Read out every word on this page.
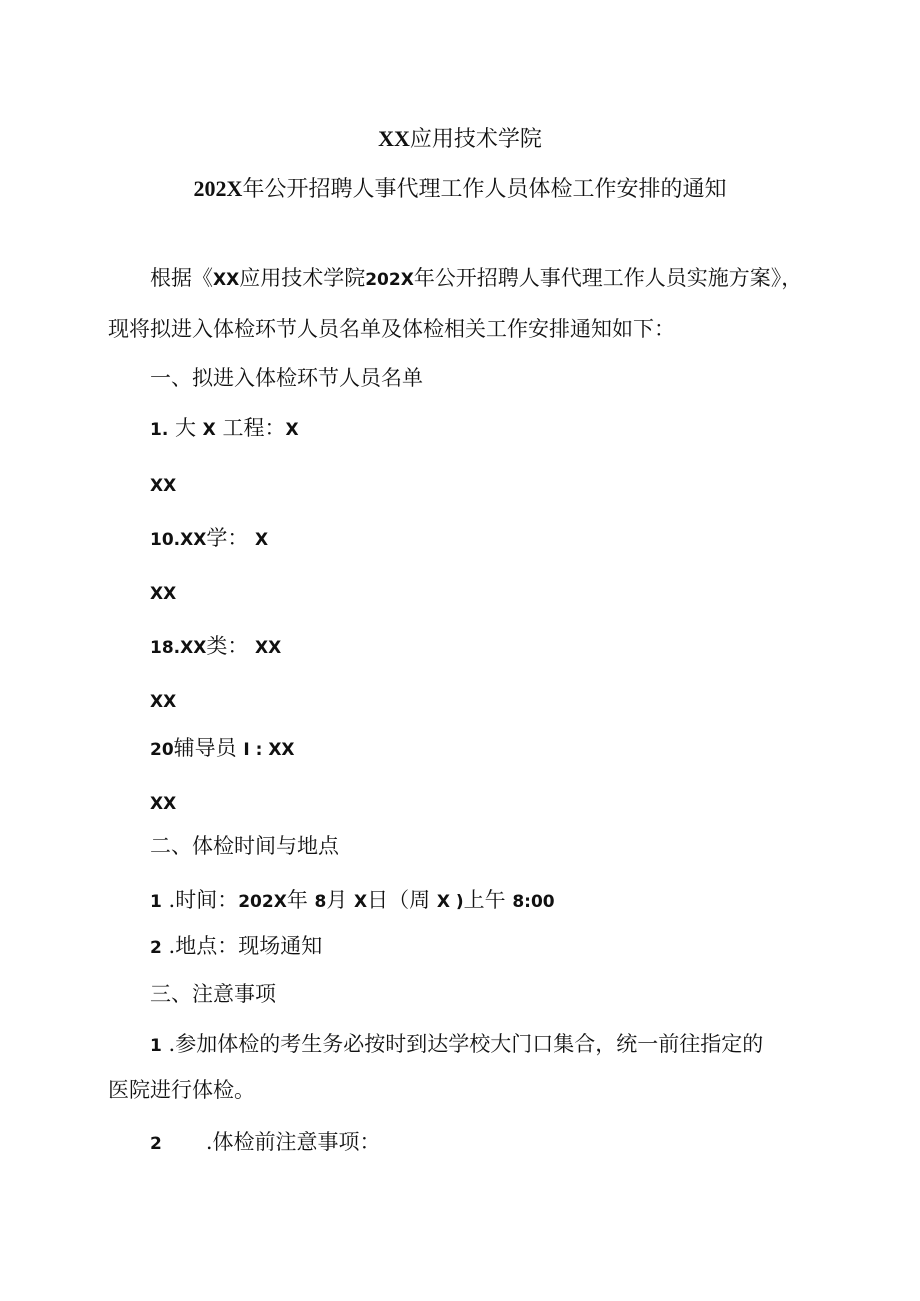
XX应用技术学院
202X年公开招聘人事代理工作人员体检工作安排的通知
根据《XX应用技术学院202X年公开招聘人事代理工作人员实施方案》，
现将拟进入体检环节人员名单及体检相关工作安排通知如下：
一、拟进入体检环节人员名单
1. 大 X 工程：X
XX
10.XX学： X
XX
18.XX类： XX
XX
20辅导员 I : XX
XX
二、体检时间与地点
1 .时间：202X年 8月 X日（周 X )上午 8:00
2 .地点：现场通知
三、注意事项
1 .参加体检的考生务必按时到达学校大门口集合，统一前往指定的
医院进行体检。
2 .体检前注意事项：
